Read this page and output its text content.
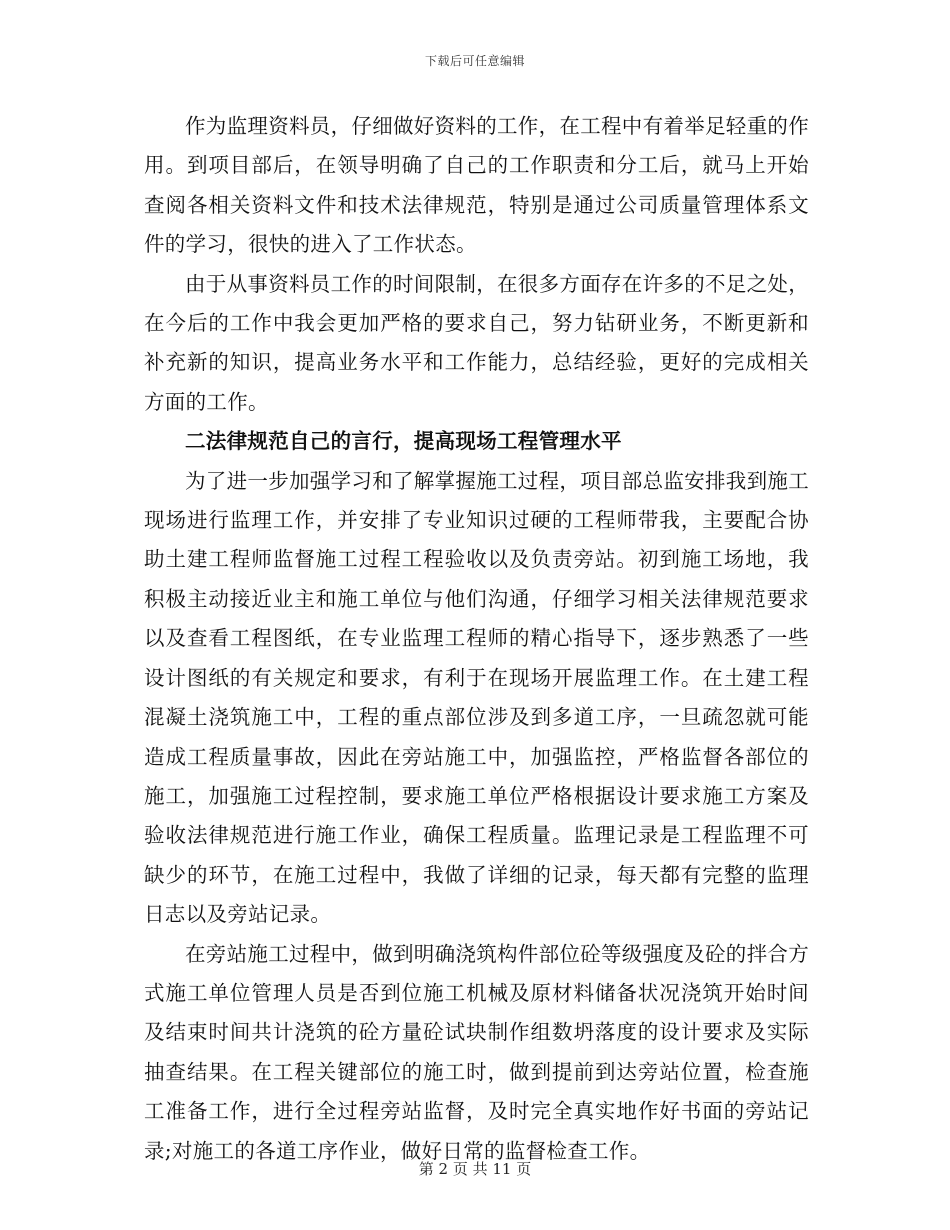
下载后可任意编辑

作为监理资料员，仔细做好资料的工作，在工程中有着举足轻重的作用。到项目部后，在领导明确了自己的工作职责和分工后，就马上开始查阅各相关资料文件和技术法律规范，特别是通过公司质量管理体系文件的学习，很快的进入了工作状态。

由于从事资料员工作的时间限制，在很多方面存在许多的不足之处，在今后的工作中我会更加严格的要求自己，努力钻研业务，不断更新和补充新的知识，提高业务水平和工作能力，总结经验，更好的完成相关方面的工作。

二法律规范自己的言行，提高现场工程管理水平

为了进一步加强学习和了解掌握施工过程，项目部总监安排我到施工现场进行监理工作，并安排了专业知识过硬的工程师带我，主要配合协助土建工程师监督施工过程工程验收以及负责旁站。初到施工场地，我积极主动接近业主和施工单位与他们沟通，仔细学习相关法律规范要求以及查看工程图纸，在专业监理工程师的精心指导下，逐步熟悉了一些设计图纸的有关规定和要求，有利于在现场开展监理工作。在土建工程混凝土浇筑施工中，工程的重点部位涉及到多道工序，一旦疏忽就可能造成工程质量事故，因此在旁站施工中，加强监控，严格监督各部位的施工，加强施工过程控制，要求施工单位严格根据设计要求施工方案及验收法律规范进行施工作业，确保工程质量。监理记录是工程监理不可缺少的环节，在施工过程中，我做了详细的记录，每天都有完整的监理日志以及旁站记录。

在旁站施工过程中，做到明确浇筑构件部位砼等级强度及砼的拌合方式施工单位管理人员是否到位施工机械及原材料储备状况浇筑开始时间及结束时间共计浇筑的砼方量砼试块制作组数坍落度的设计要求及实际抽查结果。在工程关键部位的施工时，做到提前到达旁站位置，检查施工准备工作，进行全过程旁站监督，及时完全真实地作好书面的旁站记录;对施工的各道工序作业，做好日常的监督检查工作。

第 2 页 共 11 页
